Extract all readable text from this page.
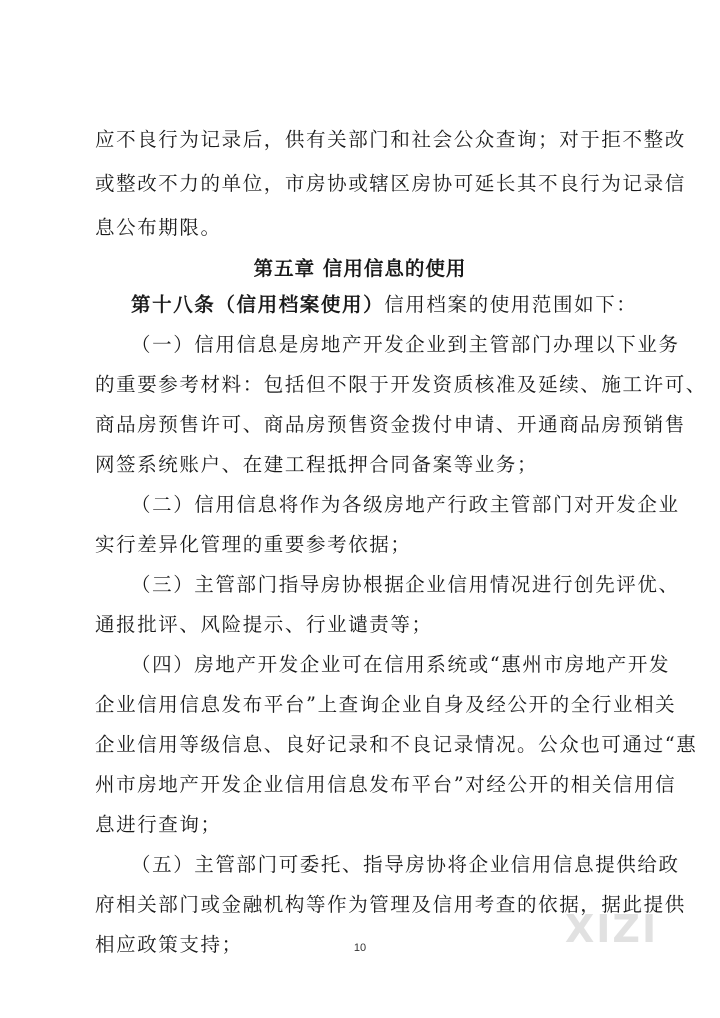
应不良行为记录后，供有关部门和社会公众查询；对于拒不整改
或整改不力的单位，市房协或辖区房协可延长其不良行为记录信
息公布期限。
第五章 信用信息的使用
第十八条（信用档案使用）信用档案的使用范围如下：
（一）信用信息是房地产开发企业到主管部门办理以下业务
的重要参考材料：包括但不限于开发资质核准及延续、施工许可、
商品房预售许可、商品房预售资金拨付申请、开通商品房预销售
网签系统账户、在建工程抵押合同备案等业务；
（二）信用信息将作为各级房地产行政主管部门对开发企业
实行差异化管理的重要参考依据；
（三）主管部门指导房协根据企业信用情况进行创先评优、
通报批评、风险提示、行业谴责等；
（四）房地产开发企业可在信用系统或“惠州市房地产开发
企业信用信息发布平台”上查询企业自身及经公开的全行业相关
企业信用等级信息、良好记录和不良记录情况。公众也可通过“惠
州市房地产开发企业信用信息发布平台”对经公开的相关信用信
息进行查询；
（五）主管部门可委托、指导房协将企业信用信息提供给政
府相关部门或金融机构等作为管理及信用考查的依据，据此提供
相应政策支持；	10	XIZI
